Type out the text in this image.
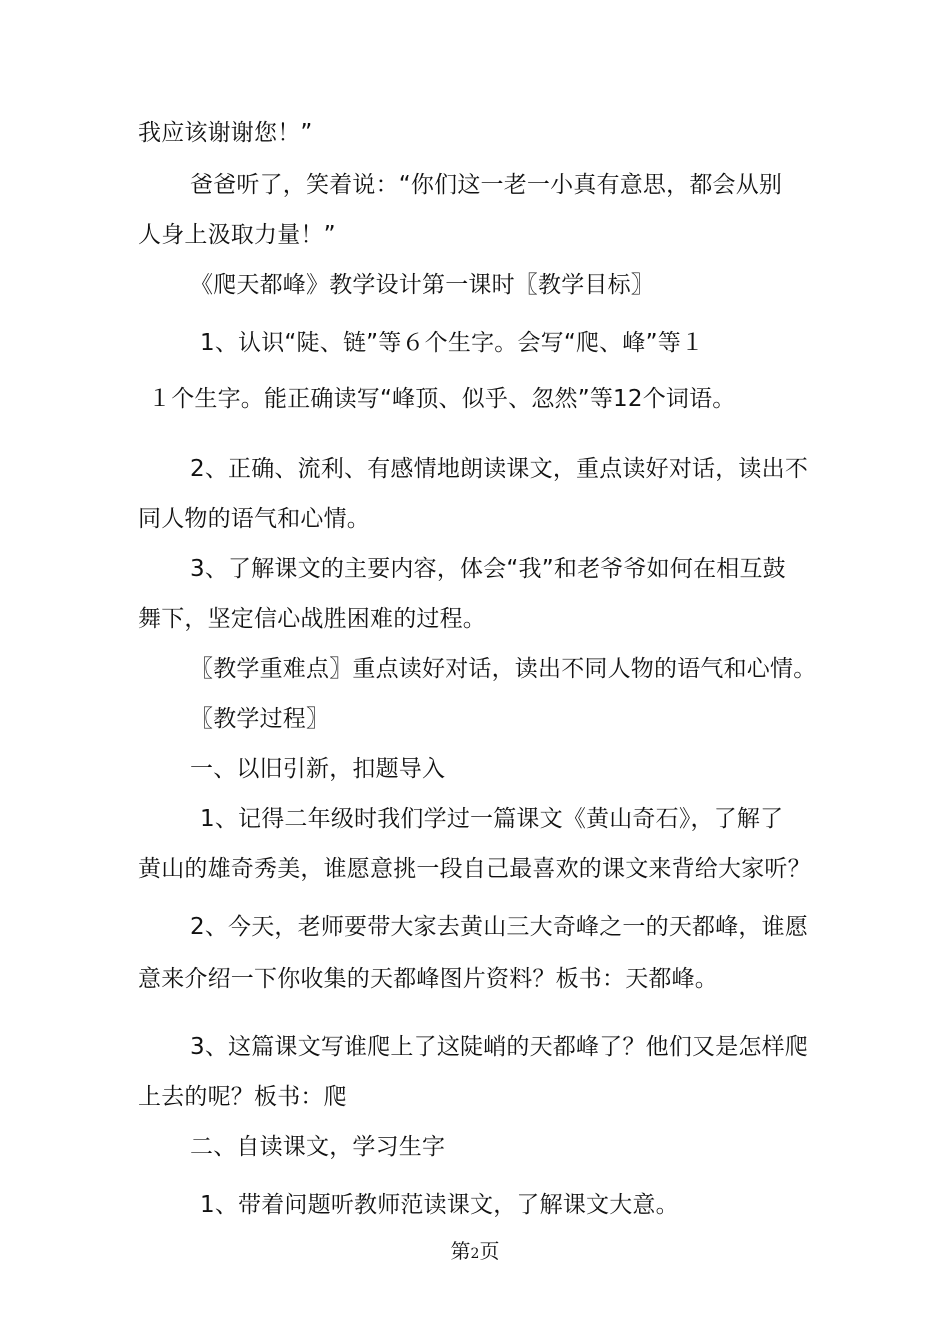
我应该谢谢您！”
爸爸听了，笑着说：“你们这一老一小真有意思，都会从别
人身上汲取力量！”
《爬天都峰》教学设计第一课时〖教学目标〗
1、认识“陡、链”等６个生字。会写“爬、峰”等１
１个生字。能正确读写“峰顶、似乎、忽然”等12个词语。
2、正确、流利、有感情地朗读课文，重点读好对话，读出不
同人物的语气和心情。
3、了解课文的主要内容，体会“我”和老爷爷如何在相互鼓
舞下，坚定信心战胜困难的过程。
〖教学重难点〗重点读好对话，读出不同人物的语气和心情。
〖教学过程〗
一、以旧引新，扣题导入
1、记得二年级时我们学过一篇课文《黄山奇石》，了解了
黄山的雄奇秀美，谁愿意挑一段自己最喜欢的课文来背给大家听？
2、今天，老师要带大家去黄山三大奇峰之一的天都峰，谁愿
意来介绍一下你收集的天都峰图片资料？板书：天都峰。
3、这篇课文写谁爬上了这陡峭的天都峰了？他们又是怎样爬
上去的呢？板书：爬
二、自读课文，学习生字
1、带着问题听教师范读课文，了解课文大意。
第2页
